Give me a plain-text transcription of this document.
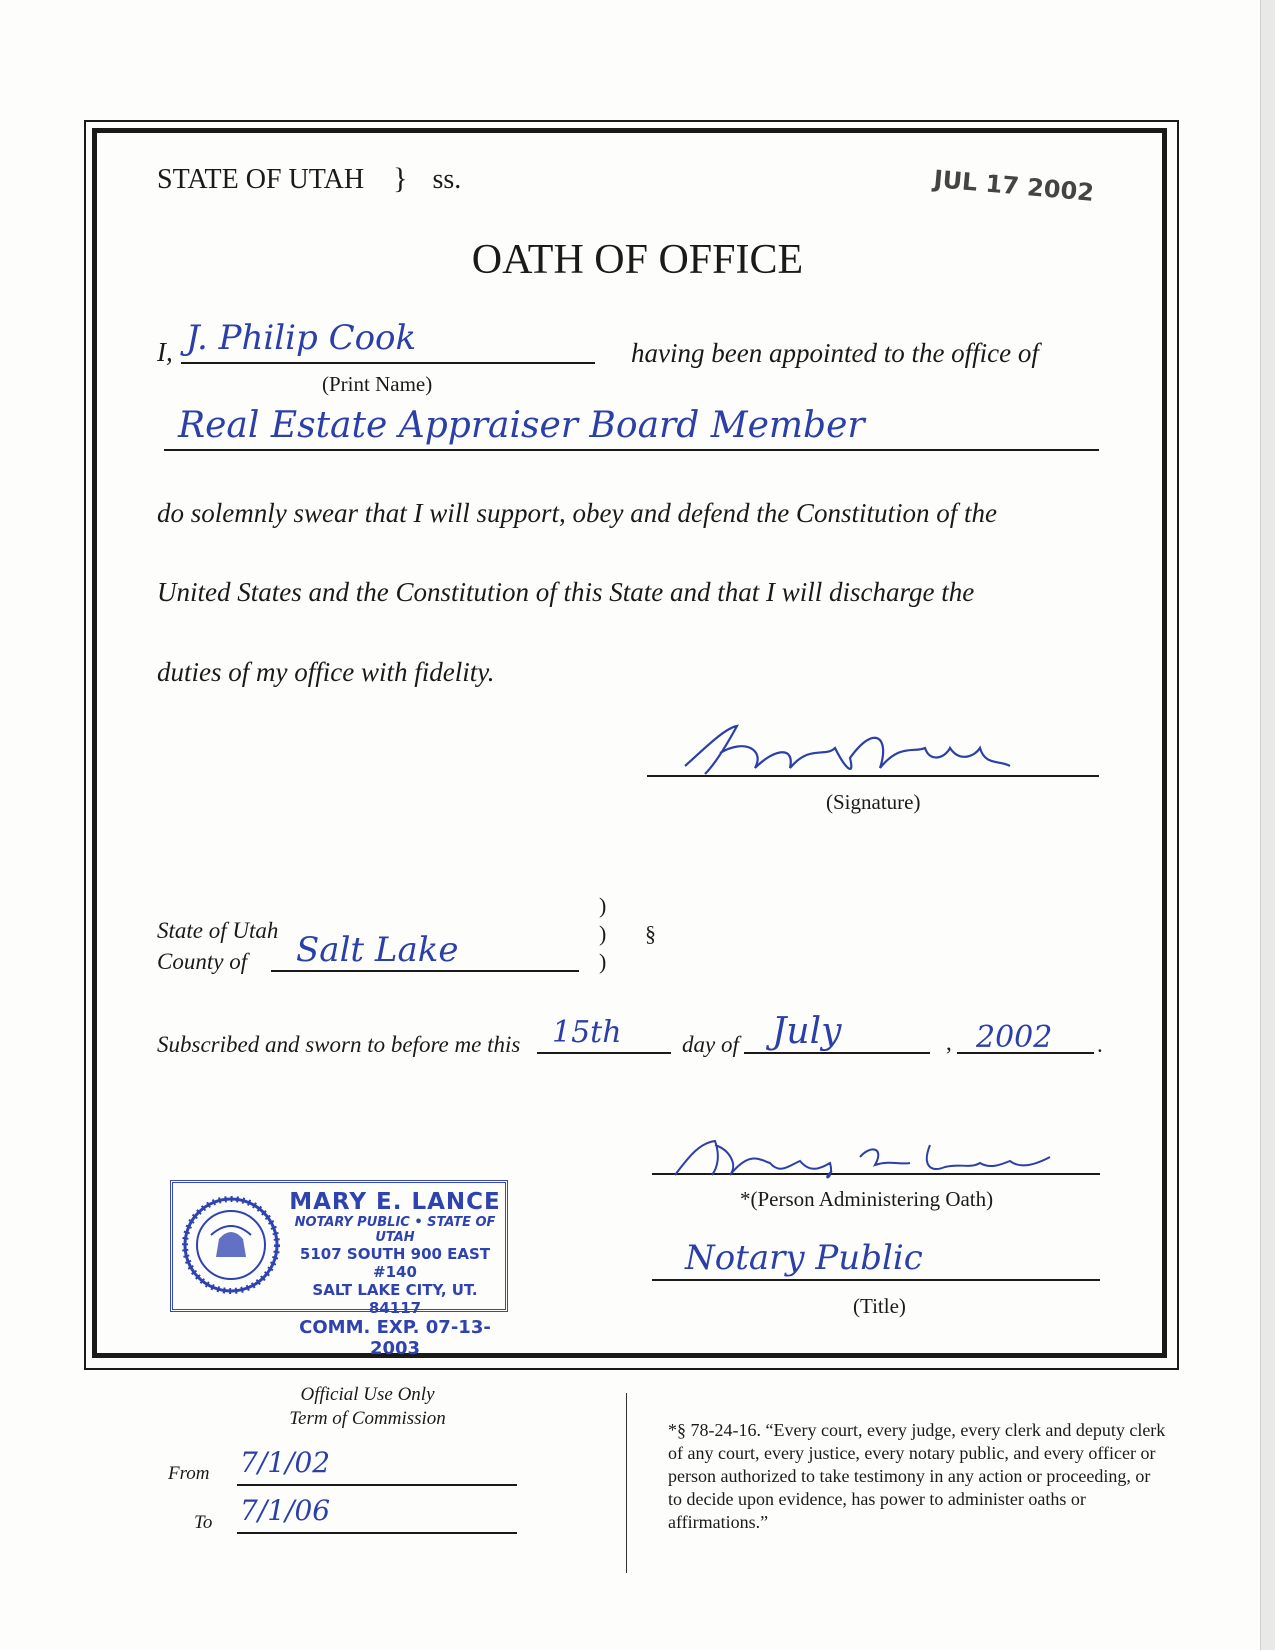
STATE OF UTAH } ss.	JUL 17 2002
OATH OF OFFICE
I, J. Philip Cook
(Print Name)
having been appointed to the office of
Real Estate Appraiser Board Member
do solemnly swear that I will support, obey and defend the Constitution of the
United States and the Constitution of this State and that I will discharge the
duties of my office with fidelity.
(Signature)
State of Utah
County of Salt Lake
)
)
)
§
Subscribed and sworn to before me this 15th	day of July	, 2002 .
*(Person Administering Oath)
Notary Public
(Title)
MARY E. LANCE
NOTARY PUBLIC • STATE OF UTAH
5107 SOUTH 900 EAST #140
SALT LAKE CITY, UT. 84117
COMM. EXP. 07-13-2003
Official Use Only
Term of Commission
From 7/1/02
To 7/1/06
*§ 78-24-16. “Every court, every judge, every clerk and deputy clerk of any court, every justice, every notary public, and every officer or person authorized to take testimony in any action or proceeding, or to decide upon evidence, has power to administer oaths or affirmations.”
